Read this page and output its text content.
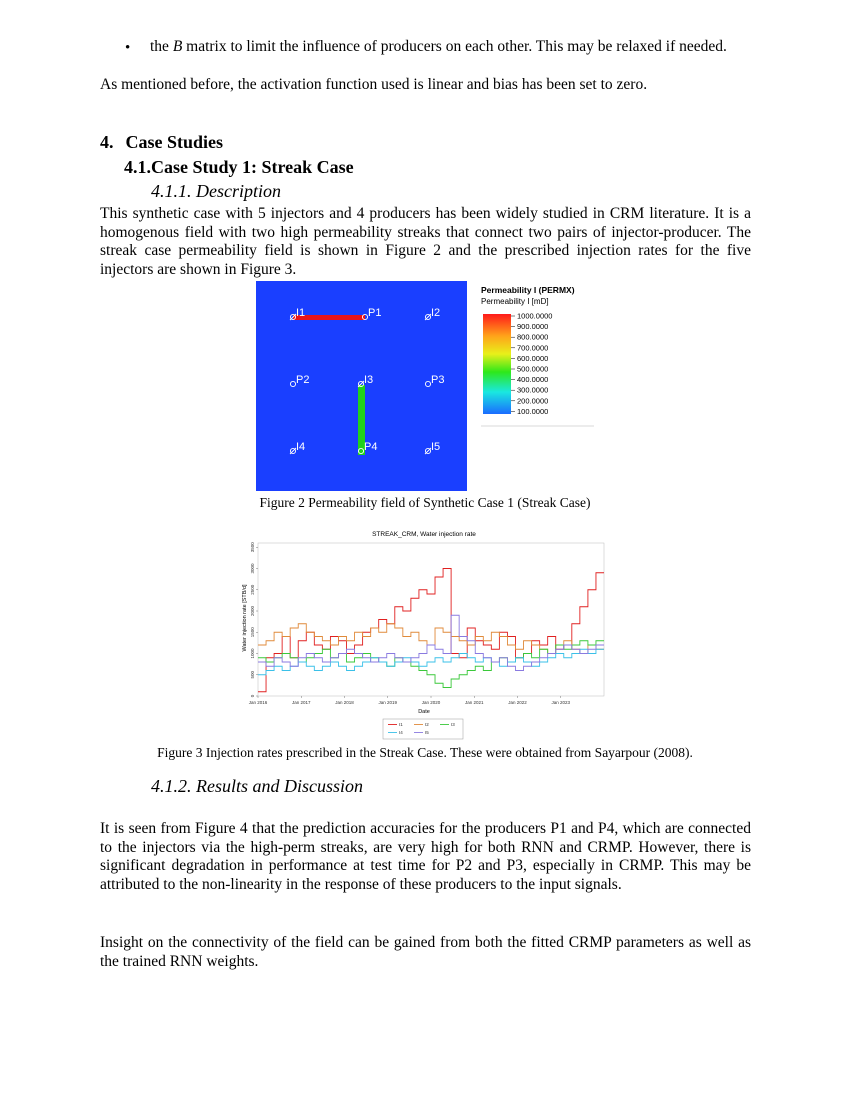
• the B matrix to limit the influence of producers on each other. This may be relaxed if needed.
As mentioned before, the activation function used is linear and bias has been set to zero.
4. Case Studies
4.1.Case Study 1: Streak Case
4.1.1. Description
This synthetic case with 5 injectors and 4 producers has been widely studied in CRM literature. It is a homogenous field with two high permeability streaks that connect two pairs of injector-producer. The streak case permeability field is shown in Figure 2 and the prescribed injection rates for the five injectors are shown in Figure 3.
I1	P1	I2
P2	I3	P3
I4	P4	I5
Permeability I (PERMX)
Permeability I [mD]
1000.0000
900.0000
800.0000
700.0000
600.0000
500.0000
400.0000
300.0000
200.0000
100.0000
Figure 2 Permeability field of Synthetic Case 1 (Streak Case)
STREAK_CRM, Water injection rate
Water injection rate [STB/d]
Date
0
500
1000
1500
2000
2500
3000
3500
Jan 2016	Jan 2017	Jan 2018	Jan 2019	Jan 2020	Jan 2021	Jan 2022	Jan 2023
I1	I2	I3
I4	I5
Figure 3 Injection rates prescribed in the Streak Case. These were obtained from Sayarpour (2008).
4.1.2. Results and Discussion
It is seen from Figure 4 that the prediction accuracies for the producers P1 and P4, which are connected to the injectors via the high-perm streaks, are very high for both RNN and CRMP. However, there is significant degradation in performance at test time for P2 and P3, especially in CRMP. This may be attributed to the non-linearity in the response of these producers to the input signals.
Insight on the connectivity of the field can be gained from both the fitted CRMP parameters as well as the trained RNN weights.
